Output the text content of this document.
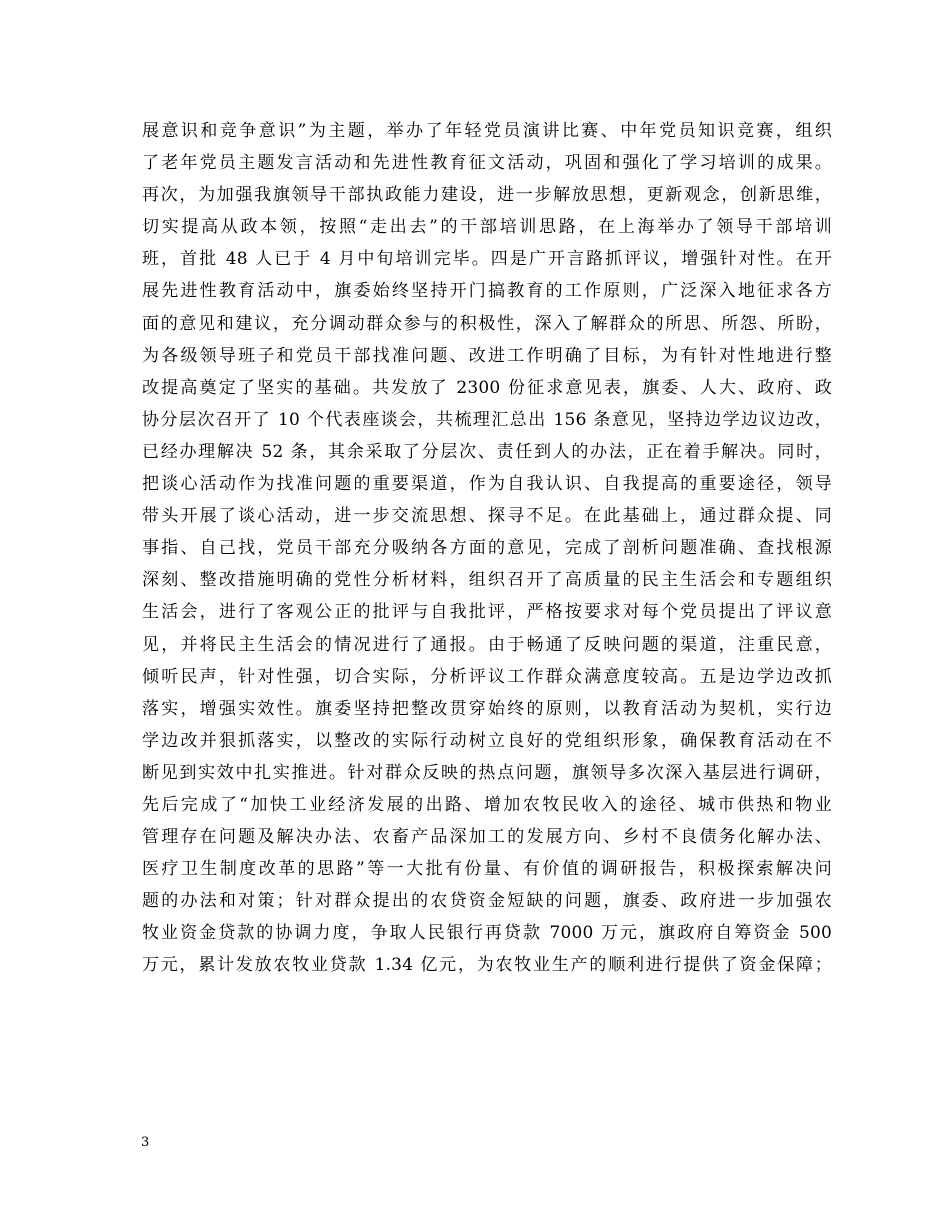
展意识和竞争意识”为主题，举办了年轻党员演讲比赛、中年党员知识竞赛，组织
了老年党员主题发言活动和先进性教育征文活动，巩固和强化了学习培训的成果。
再次，为加强我旗领导干部执政能力建设，进一步解放思想，更新观念，创新思维，
切实提高从政本领，按照“走出去”的干部培训思路，在上海举办了领导干部培训
班，首批 48 人已于 4 月中旬培训完毕。四是广开言路抓评议，增强针对性。在开
展先进性教育活动中，旗委始终坚持开门搞教育的工作原则，广泛深入地征求各方
面的意见和建议，充分调动群众参与的积极性，深入了解群众的所思、所怨、所盼，
为各级领导班子和党员干部找准问题、改进工作明确了目标，为有针对性地进行整
改提高奠定了坚实的基础。共发放了 2300 份征求意见表，旗委、人大、政府、政
协分层次召开了 10 个代表座谈会，共梳理汇总出 156 条意见，坚持边学边议边改，
已经办理解决 52 条，其余采取了分层次、责任到人的办法，正在着手解决。同时，
把谈心活动作为找准问题的重要渠道，作为自我认识、自我提高的重要途径，领导
带头开展了谈心活动，进一步交流思想、探寻不足。在此基础上，通过群众提、同
事指、自己找，党员干部充分吸纳各方面的意见，完成了剖析问题准确、查找根源
深刻、整改措施明确的党性分析材料，组织召开了高质量的民主生活会和专题组织
生活会，进行了客观公正的批评与自我批评，严格按要求对每个党员提出了评议意
见，并将民主生活会的情况进行了通报。由于畅通了反映问题的渠道，注重民意，
倾听民声，针对性强，切合实际，分析评议工作群众满意度较高。五是边学边改抓
落实，增强实效性。旗委坚持把整改贯穿始终的原则，以教育活动为契机，实行边
学边改并狠抓落实，以整改的实际行动树立良好的党组织形象，确保教育活动在不
断见到实效中扎实推进。针对群众反映的热点问题，旗领导多次深入基层进行调研，
先后完成了“加快工业经济发展的出路、增加农牧民收入的途径、城市供热和物业
管理存在问题及解决办法、农畜产品深加工的发展方向、乡村不良债务化解办法、
医疗卫生制度改革的思路”等一大批有份量、有价值的调研报告，积极探索解决问
题的办法和对策；针对群众提出的农贷资金短缺的问题，旗委、政府进一步加强农
牧业资金贷款的协调力度，争取人民银行再贷款 7000 万元，旗政府自筹资金 500
万元，累计发放农牧业贷款 1.34 亿元，为农牧业生产的顺利进行提供了资金保障；
3
